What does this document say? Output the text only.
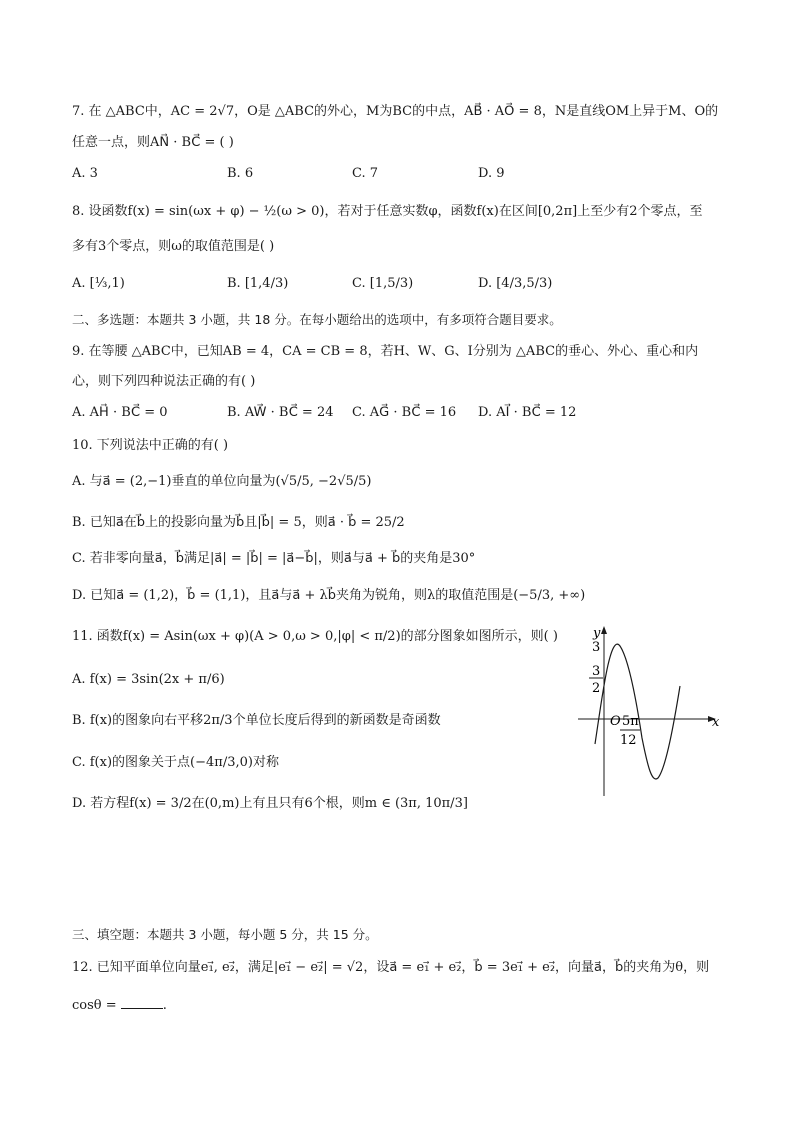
7. 在 △ABC中，AC = 2√7，O是 △ABC的外心，M为BC的中点，AB⃗ · AO⃗ = 8，N是直线OM上异于M、O的
任意一点，则AN⃗ · BC⃗ = ( )
A. 3	B. 6	C. 7	D. 9
8. 设函数f(x) = sin(ωx + φ) − ½(ω > 0)，若对于任意实数φ，函数f(x)在区间[0,2π]上至少有2个零点，至
多有3个零点，则ω的取值范围是( )
A. [⅓,1)	B. [1,4/3)	C. [1,5/3)	D. [4/3,5/3)
二、多选题：本题共 3 小题，共 18 分。在每小题给出的选项中，有多项符合题目要求。
9. 在等腰 △ABC中，已知AB = 4，CA = CB = 8，若H、W、G、I分别为 △ABC的垂心、外心、重心和内
心，则下列四种说法正确的有( )
A. AH⃗ · BC⃗ = 0	B. AW⃗ · BC⃗ = 24 C. AG⃗ · BC⃗ = 16 D. AI⃗ · BC⃗ = 12
10. 下列说法中正确的有( )
A. 与a⃗ = (2,−1)垂直的单位向量为(√5/5, −2√5/5)
B. 已知a⃗在b⃗上的投影向量为b⃗且|b⃗| = 5，则a⃗ · b⃗ = 25/2
C. 若非零向量a⃗，b⃗满足|a⃗| = |b⃗| = |a⃗−b⃗|，则a⃗与a⃗ + b⃗的夹角是30°
D. 已知a⃗ = (1,2)，b⃗ = (1,1)，且a⃗与a⃗ + λb⃗夹角为锐角，则λ的取值范围是(−5/3, +∞)
11. 函数f(x) = Asin(ωx + φ)(A > 0,ω > 0,|φ| < π/2)的部分图象如图所示，则( )
A. f(x) = 3sin(2x + π/6)
B. f(x)的图象向右平移2π/3个单位长度后得到的新函数是奇函数
C. f(x)的图象关于点(−4π/3,0)对称
D. 若方程f(x) = 3/2在(0,m)上有且只有6个根，则m ∈ (3π, 10π/3]
y
x
O
3
3
2
5π
12
三、填空题：本题共 3 小题，每小题 5 分，共 15 分。
12. 已知平面单位向量e₁⃗, e₂⃗，满足|e₁⃗ − e₂⃗| = √2，设a⃗ = e₁⃗ + e₂⃗，b⃗ = 3e₁⃗ + e₂⃗，向量a⃗，b⃗的夹角为θ，则
cosθ =	.
